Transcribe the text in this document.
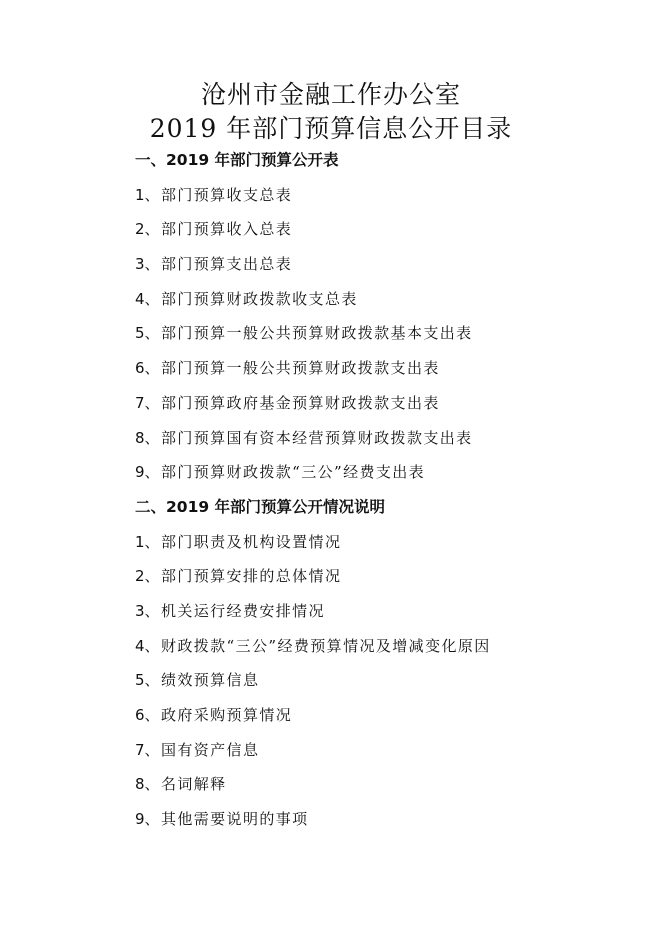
沧州市金融工作办公室
2019 年部门预算信息公开目录
一、2019 年部门预算公开表
1、部门预算收支总表
2、部门预算收入总表
3、部门预算支出总表
4、部门预算财政拨款收支总表
5、部门预算一般公共预算财政拨款基本支出表
6、部门预算一般公共预算财政拨款支出表
7、部门预算政府基金预算财政拨款支出表
8、部门预算国有资本经营预算财政拨款支出表
9、部门预算财政拨款“三公”经费支出表
二、2019 年部门预算公开情况说明
1、部门职责及机构设置情况
2、部门预算安排的总体情况
3、机关运行经费安排情况
4、财政拨款“三公”经费预算情况及增减变化原因
5、绩效预算信息
6、政府采购预算情况
7、国有资产信息
8、名词解释
9、其他需要说明的事项
